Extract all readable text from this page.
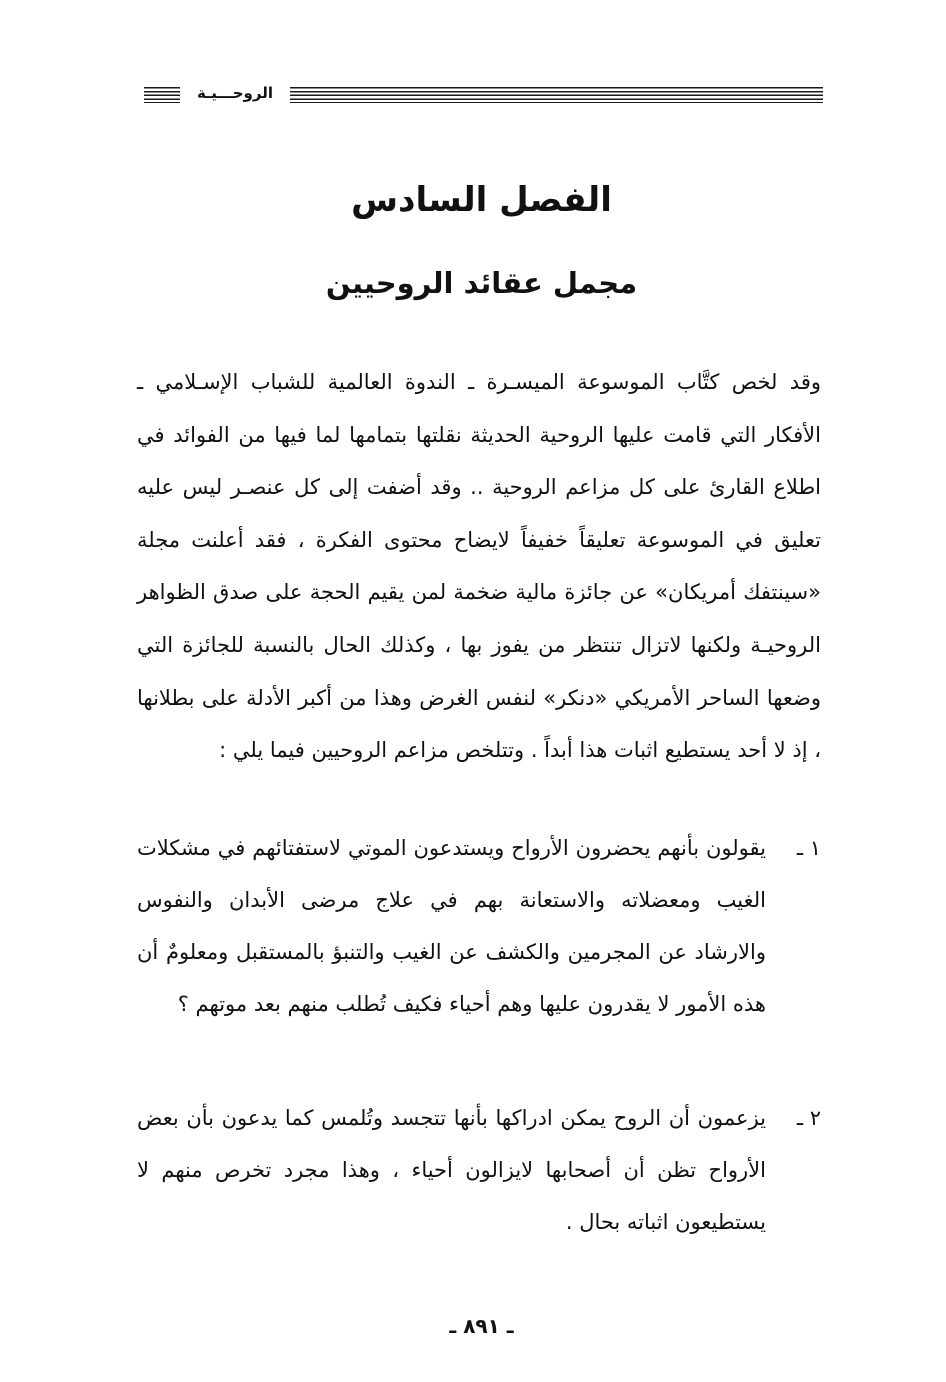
الروحـــيـة
الفصل السادس
مجمل عقائد الروحيين
وقد لخص كتَّاب الموسوعة الميسـرة ـ الندوة العالمية للشباب الإسـلامي ـ الأفكار التي قامت عليها الروحية الحديثة نقلتها بتمامها لما فيها من الفوائد في اطلاع القارئ على كل مزاعم الروحية .. وقد أضفت إلى كل عنصـر ليس عليه تعليق في الموسوعة تعليقاً خفيفاً لايضاح محتوى الفكرة ، فقد أعلنت مجلة «سينتفك أمريكان» عن جائزة مالية ضخمة لمن يقيم الحجة على صدق الظواهر الروحيـة ولكنها لاتزال تنتظر من يفوز بها ، وكذلك الحال بالنسبة للجائزة التي وضعها الساحر الأمريكي «دنكر» لنفس الغرض وهذا من أكبر الأدلة على بطلانها ، إذ لا أحد يستطيع اثبات هذا أبداً . وتتلخص مزاعم الروحيين فيما يلي :
١ ـ
يقولون بأنهم يحضرون الأرواح ويستدعون الموتي لاستفتائهم في مشكلات الغيب ومعضلاته والاستعانة بهم في علاج مرضى الأبدان والنفوس والارشاد عن المجرمين والكشف عن الغيب والتنبؤ بالمستقبل ومعلومٌ أن هذه الأمور لا يقدرون عليها وهم أحياء فكيف تُطلب منهم بعد موتهم ؟
٢ ـ
يزعمون أن الروح يمكن ادراكها بأنها تتجسد وتُلمس كما يدعون بأن بعض الأرواح تظن أن أصحابها لايزالون أحياء ، وهذا مجرد تخرص منهم لا يستطيعون اثباته بحال .
ـ ٨٩١ ـ
